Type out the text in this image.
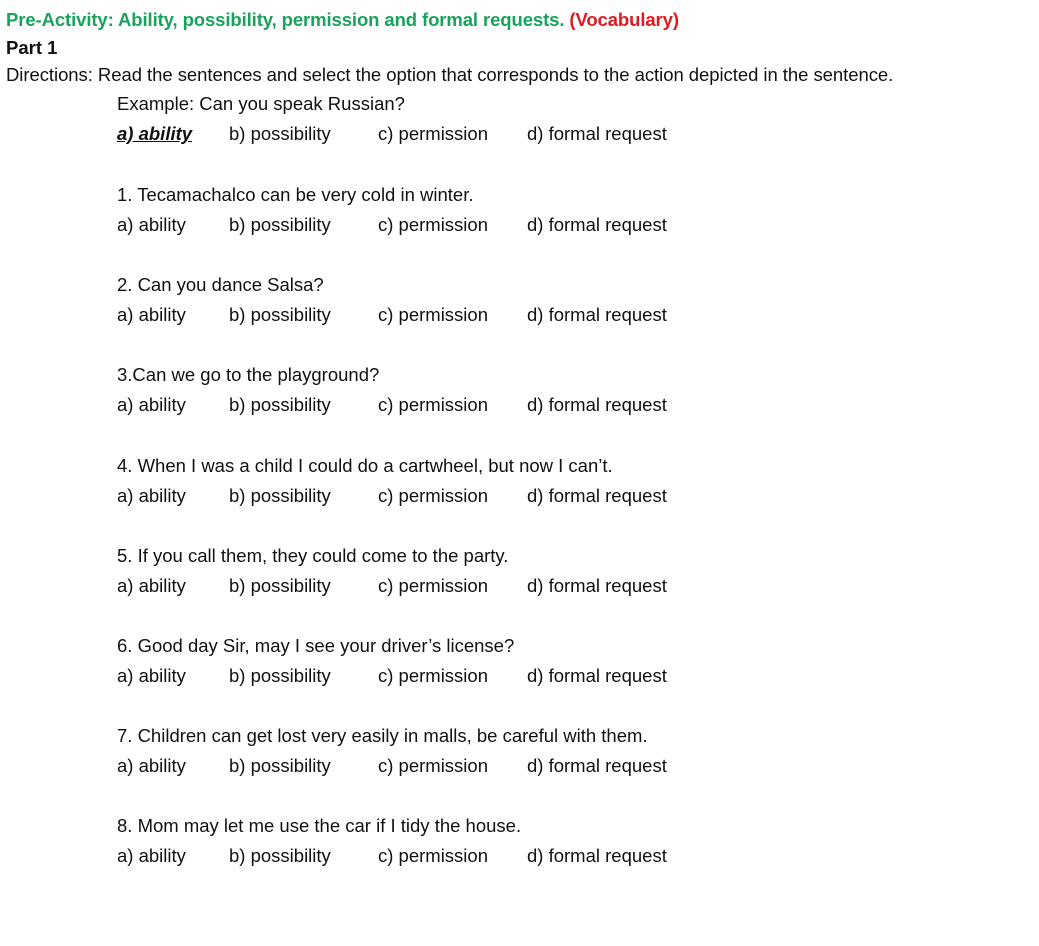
Pre-Activity: Ability, possibility, permission and formal requests. (Vocabulary)
Part 1
Directions: Read the sentences and select the option that corresponds to the action depicted in the sentence.
Example: Can you speak Russian?
a) ability b) possibility	c) permission d) formal request
1. Tecamachalco can be very cold in winter.
a) ability b) possibility	c) permission d) formal request
2. Can you dance Salsa?
a) ability b) possibility	c) permission d) formal request
3.Can we go to the playground?
a) ability b) possibility	c) permission d) formal request
4. When I was a child I could do a cartwheel, but now I can’t.
a) ability b) possibility	c) permission d) formal request
5. If you call them, they could come to the party.
a) ability b) possibility	c) permission d) formal request
6. Good day Sir, may I see your driver’s license?
a) ability b) possibility	c) permission d) formal request
7. Children can get lost very easily in malls, be careful with them.
a) ability b) possibility	c) permission d) formal request
8. Mom may let me use the car if I tidy the house.
a) ability b) possibility	c) permission d) formal request
